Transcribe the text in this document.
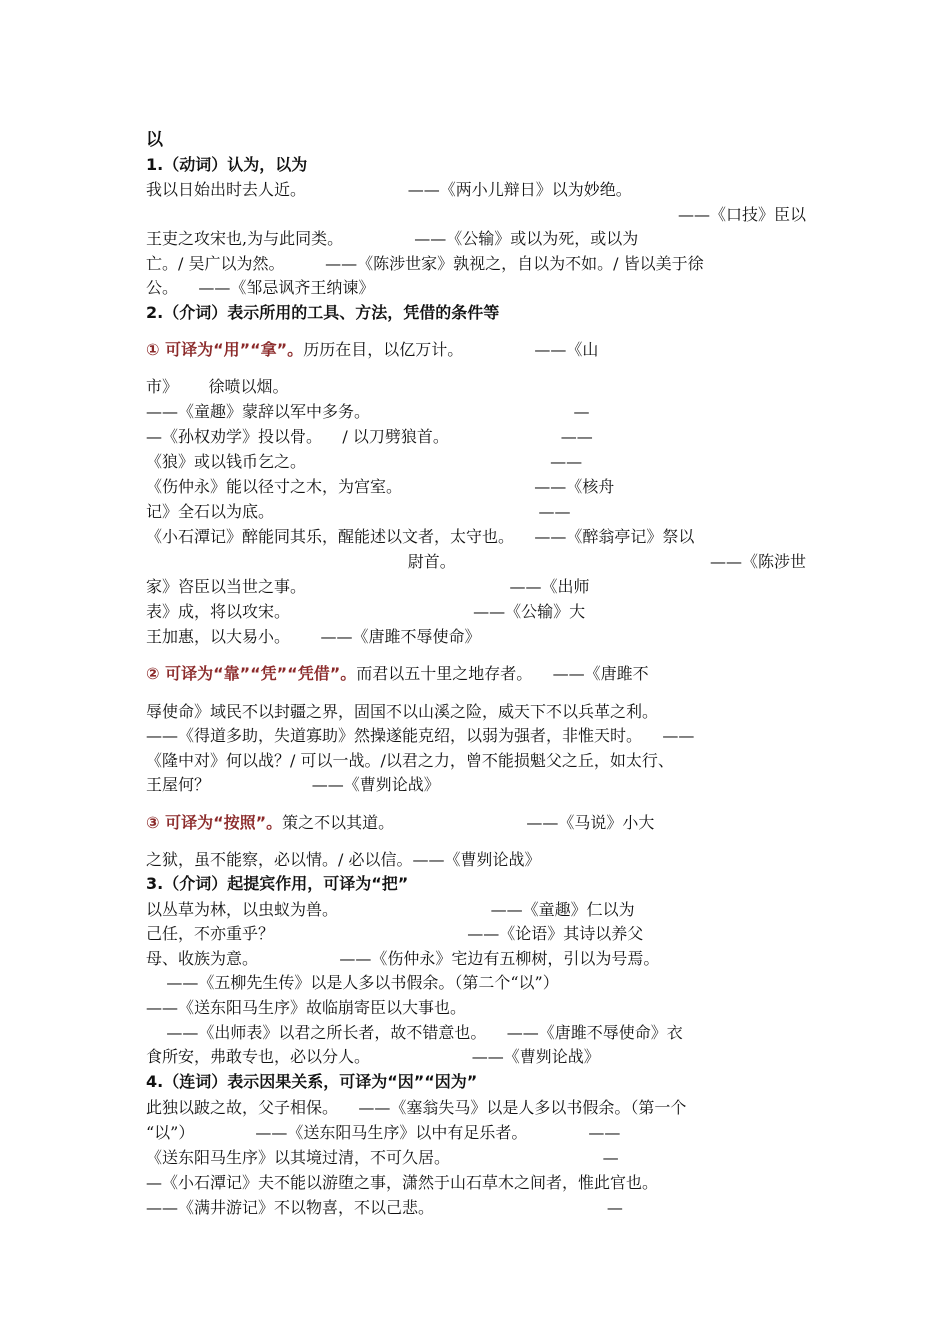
以
1.（动词）认为，以为
我以日始出时去人近。                    ——《两小儿辩日》以为妙绝。
——《口技》臣以
王吏之攻宋也,为与此同类。              ——《公输》或以为死，或以为
亡。/ 吴广以为然。        ——《陈涉世家》孰视之，自以为不如。/ 皆以美于徐
公。    ——《邹忌讽齐王纳谏》
2.（介词）表示所用的工具、方法，凭借的条件等
① 可译为“用”“拿”。历历在目，以亿万计。              ——《山
市》      徐喷以烟。
——《童趣》蒙辞以军中多务。                                        —
—《孙权劝学》投以骨。    / 以刀劈狼首。                      ——
《狼》或以钱币乞之。                                                ——
《伤仲永》能以径寸之木，为宫室。                          ——《核舟
记》全石以为底。                                                    ——
《小石潭记》醉能同其乐，醒能述以文者，太守也。    ——《醉翁亭记》祭以
尉首。                                                  ——《陈涉世
家》咨臣以当世之事。                                        ——《出师
表》成，将以攻宋。                                    ——《公输》大
王加惠，以大易小。      ——《唐雎不辱使命》
② 可译为“靠”“凭”“凭借”。而君以五十里之地存者。    ——《唐雎不
辱使命》域民不以封疆之界，固国不以山溪之险，威天下不以兵革之利。
——《得道多助，失道寡助》然操遂能克绍，以弱为强者，非惟天时。    ——
《隆中对》何以战？/ 可以一战。/以君之力，曾不能损魁父之丘，如太行、
王屋何？                    ——《曹刿论战》
③ 可译为“按照”。策之不以其道。                          ——《马说》小大
之狱，虽不能察，必以情。/ 必以信。——《曹刿论战》
3.（介词）起提宾作用，可译为“把”
以丛草为林，以虫蚁为兽。                              ——《童趣》仁以为
己任，不亦重乎？                                      ——《论语》其诗以养父
母、收族为意。                ——《伤仲永》宅边有五柳树，引以为号焉。
——《五柳先生传》以是人多以书假余。（第二个“以”）
——《送东阳马生序》故临崩寄臣以大事也。
——《出师表》以君之所长者，故不错意也。    ——《唐雎不辱使命》衣
食所安，弗敢专也，必以分人。                    ——《曹刿论战》
4.（连词）表示因果关系，可译为“因”“因为”
此独以跛之故，父子相保。    ——《塞翁失马》以是人多以书假余。（第一个
“以”）            ——《送东阳马生序》以中有足乐者。            ——
《送东阳马生序》以其境过清，不可久居。                              —
—《小石潭记》夫不能以游堕之事，潇然于山石草木之间者，惟此官也。
——《满井游记》不以物喜，不以己悲。                                  —
